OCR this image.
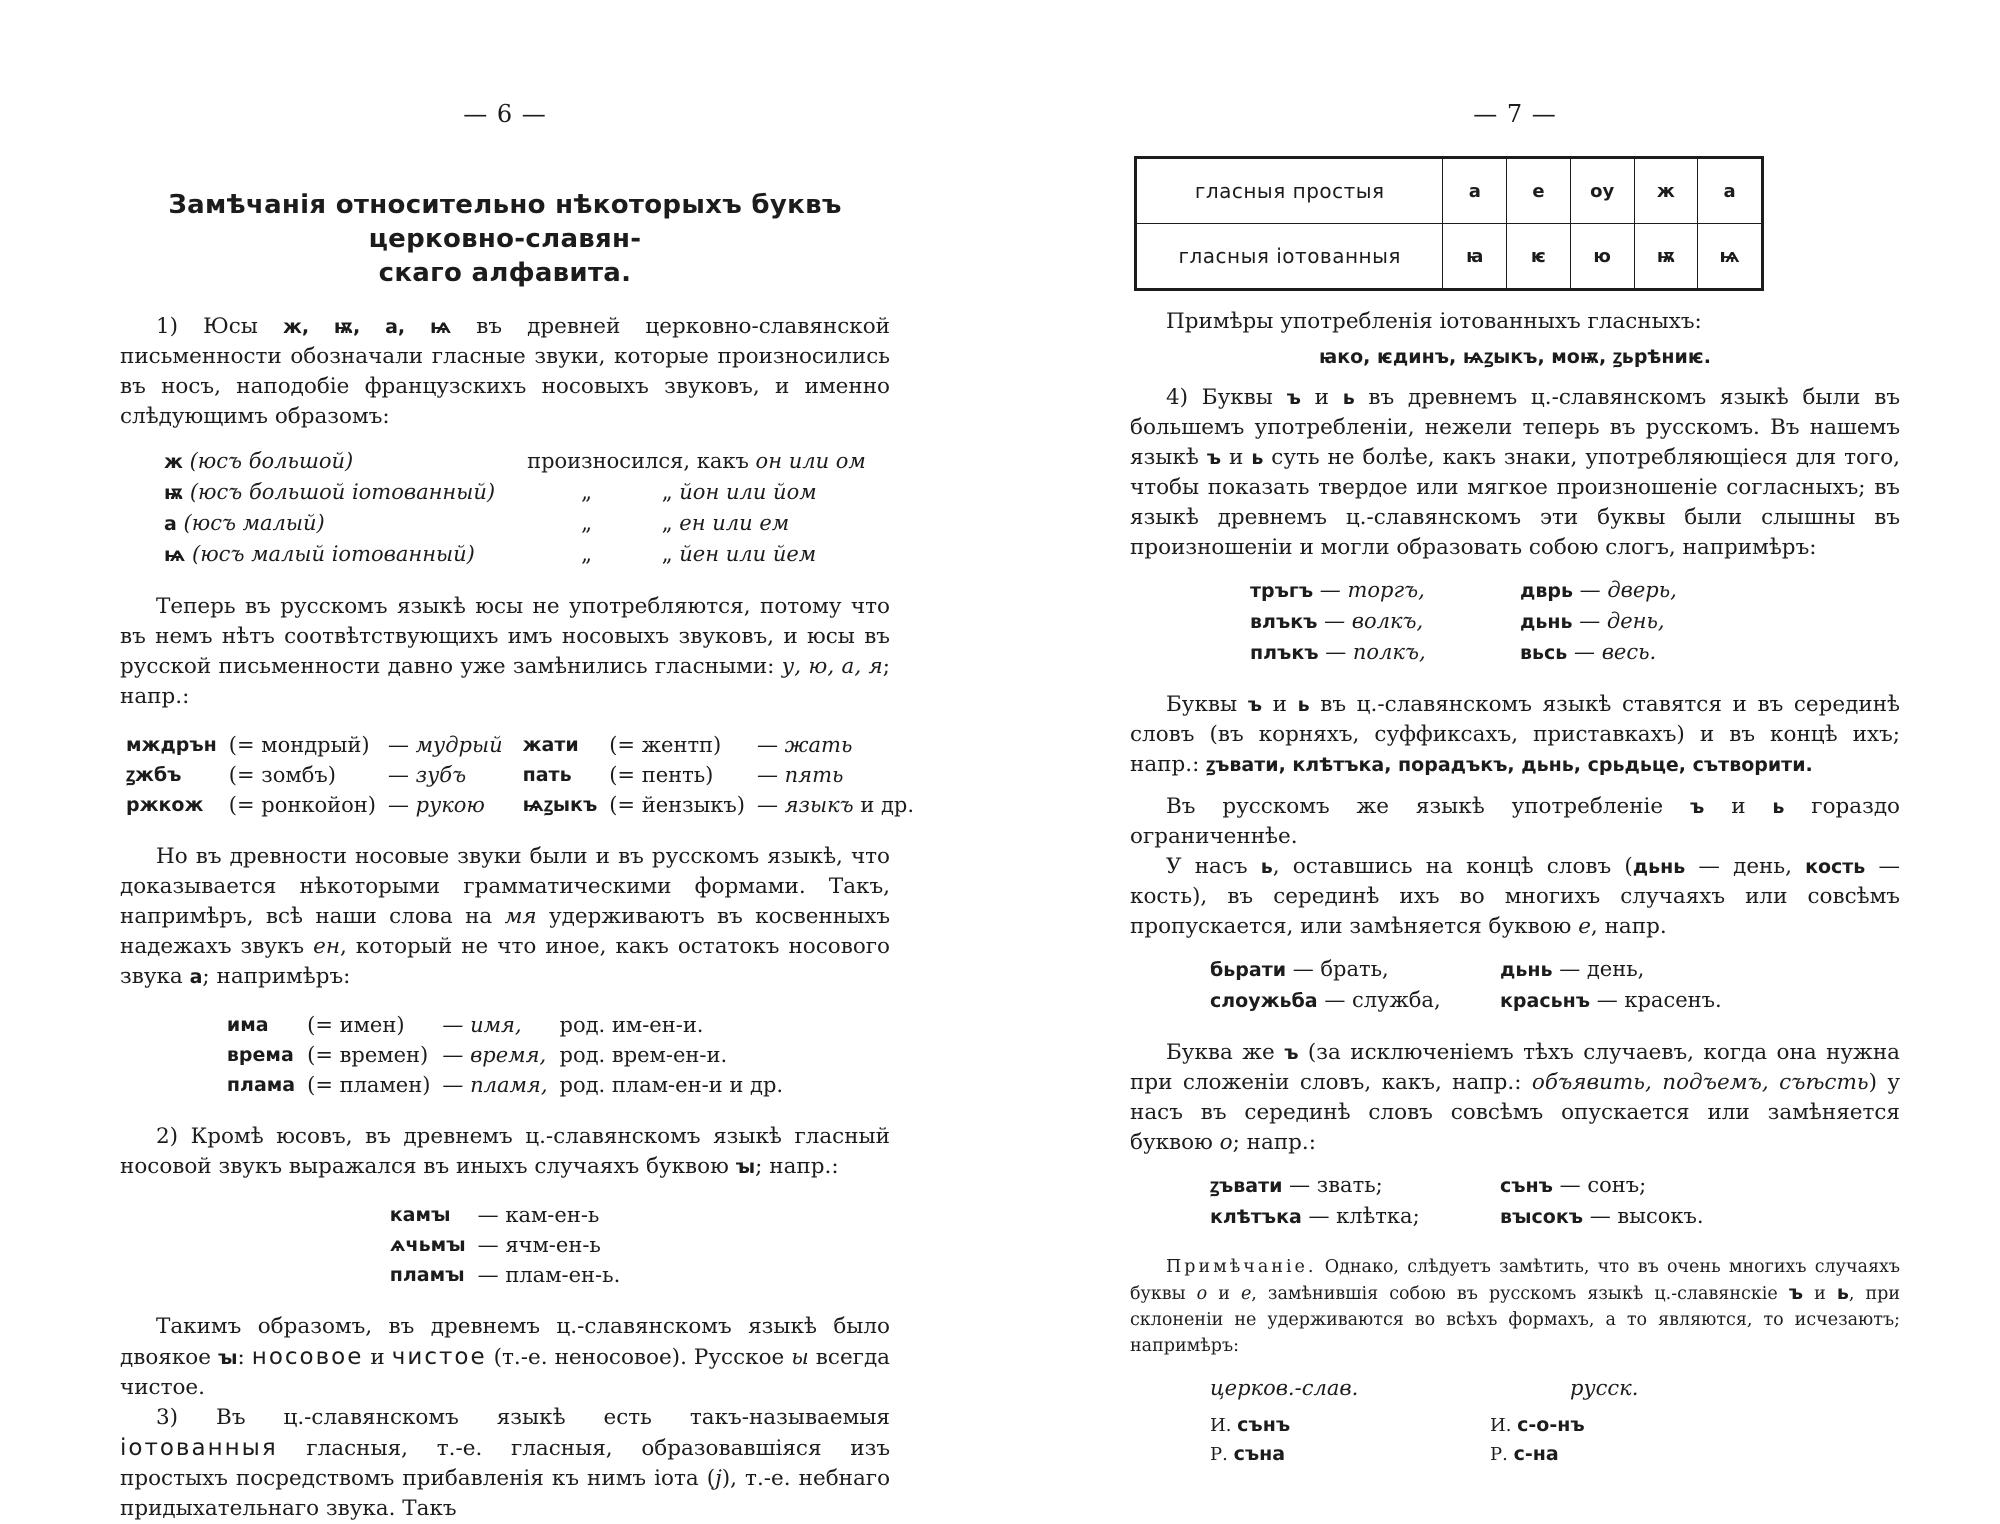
— 6 —
Замѣчанія относительно нѣкоторыхъ буквъ церковно-славян-
скаго алфавита.

1) Юсы ж, ѭ, а, ѩ въ древней церковно-славянской письменности обозначали гласные звуки, которые произносились въ носъ, наподобіе французскихъ носовыхъ звуковъ, и именно слѣдующимъ образомъ:

ж (юсъ большой)	произносился, какъ он или ом	
ѭ (юсъ большой іотованный)	„	„ йон или йом
а (юсъ малый)	„	„ ен или ем
ѩ (юсъ малый іотованный)	„	„ йен или йем

Теперь въ русскомъ языкѣ юсы не употребляются, потому что въ немъ нѣтъ соотвѣтствующихъ имъ носовыхъ звуковъ, и юсы въ русской письменности давно уже замѣнились гласными: у, ю, а, я; напр.:

мждрън	(= мондрый)	— мудрый	жати	(= жентп)	— жать
ꙁжбъ	(= зомбъ)	— зубъ	пать	(= пенть)	— пять
ржкож	(= ронкойон)	— рукою	ѩꙁыкъ	(= йензыкъ)	— языкъ и др.

Но въ древности носовые звуки были и въ русскомъ языкѣ, что доказывается нѣкоторыми грамматическими формами. Такъ, напримѣръ, всѣ наши слова на мя удерживаютъ въ косвенныхъ надежахъ звукъ ен, который не что иное, какъ остатокъ носового звука а; напримѣръ:

има	(= имен)	— имя,	род. им-ен-и.
врема	(= времен)	— время,	род. врем-ен-и.
пламa	(= пламен)	— пламя,	род. плам-ен-и и др.

2) Кромѣ юсовъ, въ древнемъ ц.-славянскомъ языкѣ гласный носовой звукъ выражался въ иныхъ случаяхъ буквою ꙑ; напр.:

камꙑ	— кам-ен-ь
ѧчьмꙑ	— ячм-ен-ь
пламꙑ	— плам-ен-ь.

Такимъ образомъ, въ древнемъ ц.-славянскомъ языкѣ было двоякое ꙑ: носовое и чистое (т.-е. неносовое). Русское ы всегда чистое.

3) Въ ц.-славянскомъ языкѣ есть такъ-называемыя іотованныя гласныя, т.-е. гласныя, образовавшіяся изъ простыхъ посредствомъ прибавленія къ нимъ іота (j), т.-е. небнаго придыхательнаго звука. Такъ

— 7 —
гласныя простыя	а	е	оу	ж	а
гласныя іотованныя	ꙗ	ѥ	ю	ѭ	ѩ

Примѣры употребленія іотованныхъ гласныхъ:

ꙗко, ѥдинъ, ѩꙁыкъ, моѭ, ꙁьрѣниѥ.

4) Буквы ъ и ь въ древнемъ ц.-славянскомъ языкѣ были въ большемъ употребленіи, нежели теперь въ русскомъ. Въ нашемъ языкѣ ъ и ь суть не болѣе, какъ знаки, употребляющіеся для того, чтобы показать твердое или мягкое произношеніе согласныхъ; въ языкѣ древнемъ ц.-славянскомъ эти буквы были слышны въ произношеніи и могли образовать собою слогъ, напримѣръ:

тръгъ — торгъ,	дврь — дверь,
влъкъ — волкъ,	дьнь — день,
плъкъ — полкъ,	вьсь — весь.

Буквы ъ и ь въ ц.-славянскомъ языкѣ ставятся и въ серединѣ словъ (въ корняхъ, суффиксахъ, приставкахъ) и въ концѣ ихъ; напр.: ꙁъвати, клѣтъка, порадъкъ, дьнь, срьдьце, сътворити.

Въ русскомъ же языкѣ употребленіе ъ и ь гораздо ограниченнѣе.

У насъ ь, оставшись на концѣ словъ (дьнь — день, кость — кость), въ серединѣ ихъ во многихъ случаяхъ или совсѣмъ пропускается, или замѣняется буквою е, напр.

бьрати — брать,	дьнь — день,
слоужьба — служба,	красьнъ — красенъ.

Буква же ъ (за исключеніемъ тѣхъ случаевъ, когда она нужна при сложеніи словъ, какъ, напр.: объявить, подъемъ, съѣсть) у насъ въ серединѣ словъ совсѣмъ опускается или замѣняется буквою о; напр.:

ꙁъвати — звать;	сънъ — сонъ;
клѣтъка — клѣтка;	вꙑсокъ — высокъ.

Примѣчаніе. Однако, слѣдуетъ замѣтить, что въ очень многихъ случаяхъ буквы о и е, замѣнившія собою въ русскомъ языкѣ ц.-славянскіе ъ и ь, при склоненіи не удерживаются во всѣхъ формахъ, а то являются, то исчезаютъ; напримѣръ:

церков.-слав.	русск.
И. сънъ	И. с-о-нъ
Р. съна	Р. с-на
